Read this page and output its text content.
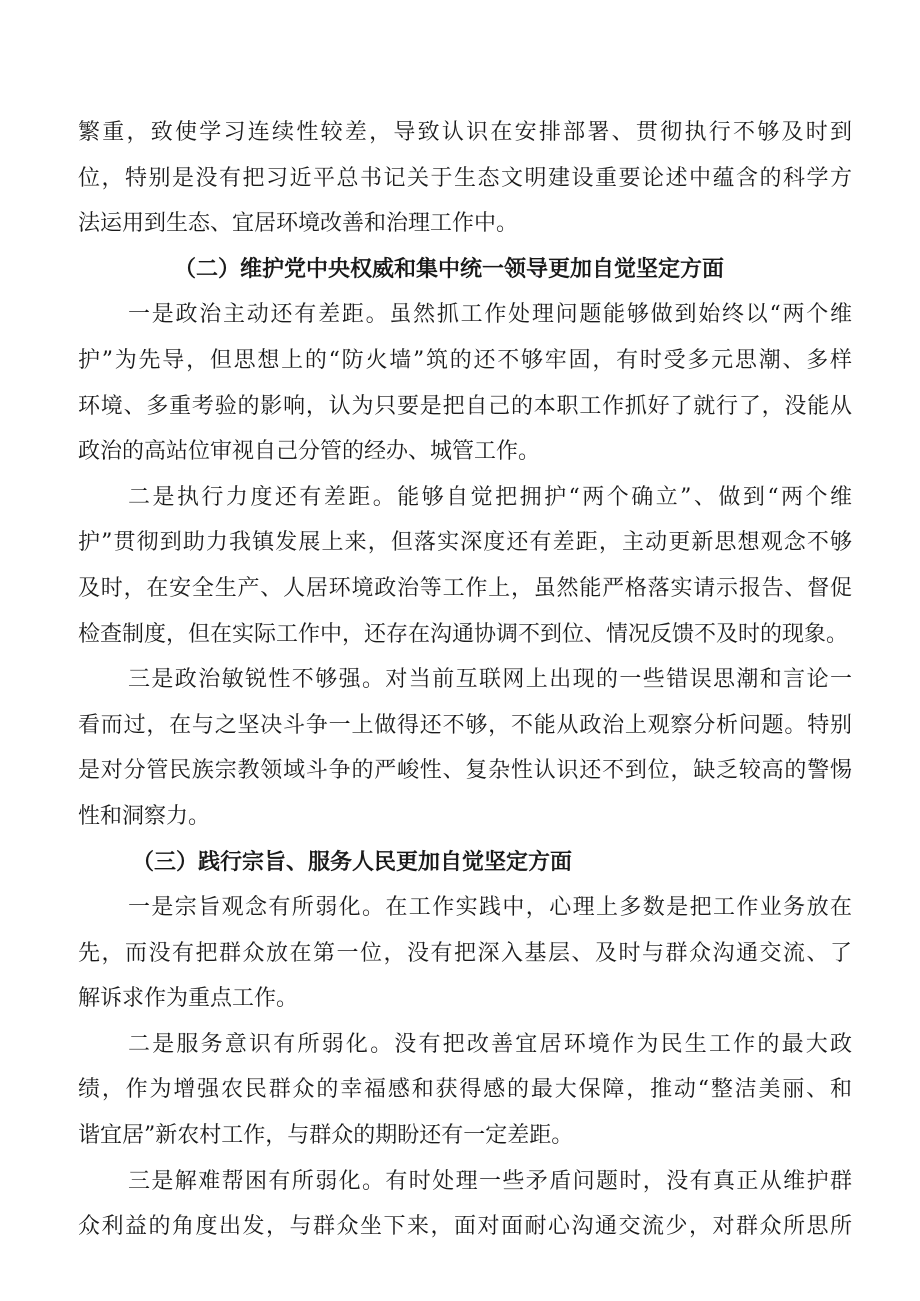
繁重，致使学习连续性较差，导致认识在安排部署、贯彻执行不够及时到
位，特别是没有把习近平总书记关于生态文明建设重要论述中蕴含的科学方
法运用到生态、宜居环境改善和治理工作中。
（二）维护党中央权威和集中统一领导更加自觉坚定方面
一是政治主动还有差距。虽然抓工作处理问题能够做到始终以“两个维
护”为先导，但思想上的“防火墙”筑的还不够牢固，有时受多元思潮、多样
环境、多重考验的影响，认为只要是把自己的本职工作抓好了就行了，没能从
政治的高站位审视自己分管的经办、城管工作。
二是执行力度还有差距。能够自觉把拥护“两个确立”、做到“两个维
护”贯彻到助力我镇发展上来，但落实深度还有差距，主动更新思想观念不够
及时，在安全生产、人居环境政治等工作上，虽然能严格落实请示报告、督促
检查制度，但在实际工作中，还存在沟通协调不到位、情况反馈不及时的现象。
三是政治敏锐性不够强。对当前互联网上出现的一些错误思潮和言论一
看而过，在与之坚决斗争一上做得还不够，不能从政治上观察分析问题。特别
是对分管民族宗教领域斗争的严峻性、复杂性认识还不到位，缺乏较高的警惕
性和洞察力。
（三）践行宗旨、服务人民更加自觉坚定方面
一是宗旨观念有所弱化。在工作实践中，心理上多数是把工作业务放在
先，而没有把群众放在第一位，没有把深入基层、及时与群众沟通交流、了
解诉求作为重点工作。
二是服务意识有所弱化。没有把改善宜居环境作为民生工作的最大政
绩，作为增强农民群众的幸福感和获得感的最大保障，推动“整洁美丽、和
谐宜居”新农村工作，与群众的期盼还有一定差距。
三是解难帮困有所弱化。有时处理一些矛盾问题时，没有真正从维护群
众利益的角度出发，与群众坐下来，面对面耐心沟通交流少，对群众所思所
